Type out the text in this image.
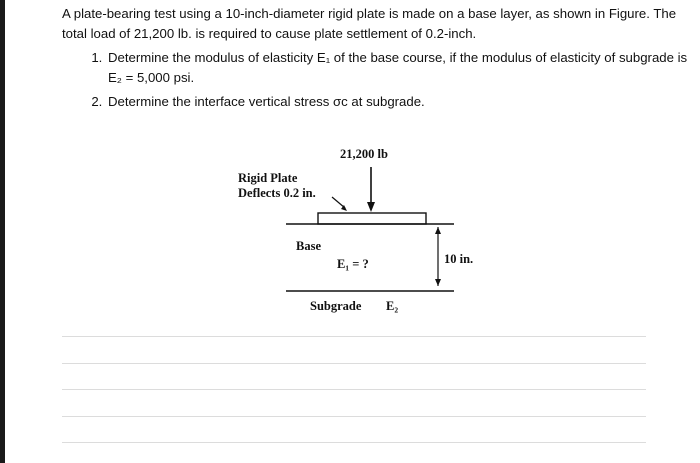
A plate-bearing test using a 10-inch-diameter rigid plate is made on a base layer, as shown in Figure. The total load of 21,200 lb. is required to cause plate settlement of 0.2-inch.

1. Determine the modulus of elasticity E₁ of the base course, if the modulus of elasticity of subgrade is E₂ = 5,000 psi.
2. Determine the interface vertical stress σc at subgrade.
21,200 lb
Rigid Plate
Deflects 0.2 in.
Base
E₁ = ?	10 in.
Subgrade E₂
